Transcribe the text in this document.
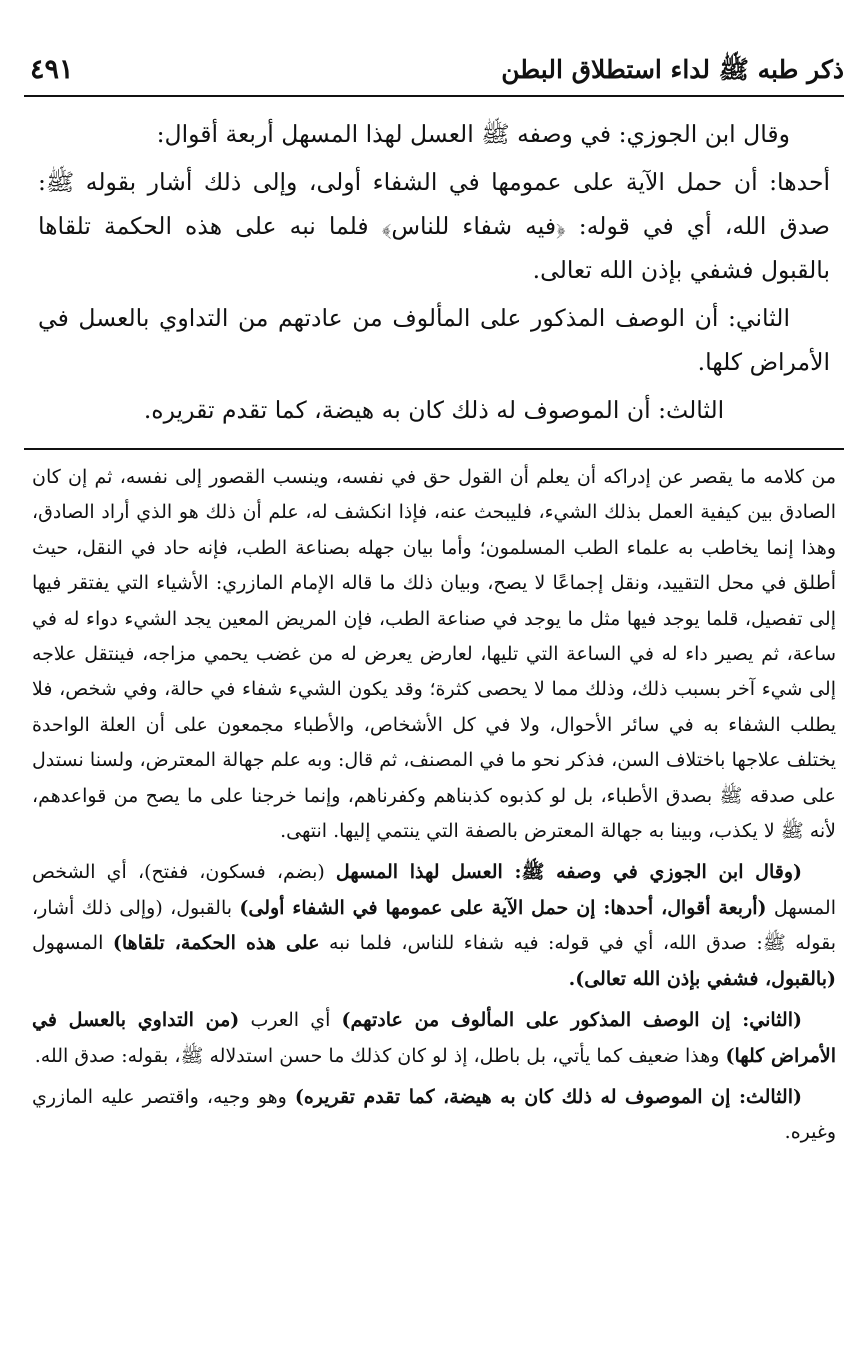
ذكر طبه ﷺ لداء استطلاق البطن
٤٩١

وقال ابن الجوزي: في وصفه ﷺ العسل لهذا المسهل أربعة أقوال:

أحدها: أن حمل الآية على عمومها في الشفاء أولى، وإلى ذلك أشار بقوله ﷺ: صدق الله، أي في قوله: ﴿فيه شفاء للناس﴾ فلما نبه على هذه الحكمة تلقاها بالقبول فشفي بإذن الله تعالى.

الثاني: أن الوصف المذكور على المألوف من عادتهم من التداوي بالعسل في الأمراض كلها.

الثالث: أن الموصوف له ذلك كان به هيضة، كما تقدم تقريره.

من كلامه ما يقصر عن إدراكه أن يعلم أن القول حق في نفسه، وينسب القصور إلى نفسه، ثم إن كان الصادق بين كيفية العمل بذلك الشيء، فليبحث عنه، فإذا انكشف له، علم أن ذلك هو الذي أراد الصادق، وهذا إنما يخاطب به علماء الطب المسلمون؛ وأما بيان جهله بصناعة الطب، فإنه حاد في النقل، حيث أطلق في محل التقييد، ونقل إجماعًا لا يصح، وبيان ذلك ما قاله الإمام المازري: الأشياء التي يفتقر فيها إلى تفصيل، قلما يوجد فيها مثل ما يوجد في صناعة الطب، فإن المريض المعين يجد الشيء دواء له في ساعة، ثم يصير داء له في الساعة التي تليها، لعارض يعرض له من غضب يحمي مزاجه، فينتقل علاجه إلى شيء آخر بسبب ذلك، وذلك مما لا يحصى كثرة؛ وقد يكون الشيء شفاء في حالة، وفي شخص، فلا يطلب الشفاء به في سائر الأحوال، ولا في كل الأشخاص، والأطباء مجمعون على أن العلة الواحدة يختلف علاجها باختلاف السن، فذكر نحو ما في المصنف، ثم قال: وبه علم جهالة المعترض، ولسنا نستدل على صدقه ﷺ بصدق الأطباء، بل لو كذبوه كذبناهم وكفرناهم، وإنما خرجنا على ما يصح من قواعدهم، لأنه ﷺ لا يكذب، وبينا به جهالة المعترض بالصفة التي ينتمي إليها. انتهى.

(وقال ابن الجوزي في وصفه ﷺ: العسل لهذا المسهل (بضم، فسكون، ففتح)، أي الشخص المسهل (أربعة أقوال، أحدها: إن حمل الآية على عمومها في الشفاء أولى) بالقبول، (وإلى ذلك أشار، بقوله ﷺ: صدق الله، أي في قوله: فيه شفاء للناس، فلما نبه على هذه الحكمة، تلقاها) المسهول (بالقبول، فشفي بإذن الله تعالى).

(الثاني: إن الوصف المذكور على المألوف من عادتهم) أي العرب (من التداوي بالعسل في الأمراض كلها) وهذا ضعيف كما يأتي، بل باطل، إذ لو كان كذلك ما حسن استدلاله ﷺ، بقوله: صدق الله.

(الثالث: إن الموصوف له ذلك كان به هيضة، كما تقدم تقريره) وهو وجيه، واقتصر عليه المازري وغيره.
